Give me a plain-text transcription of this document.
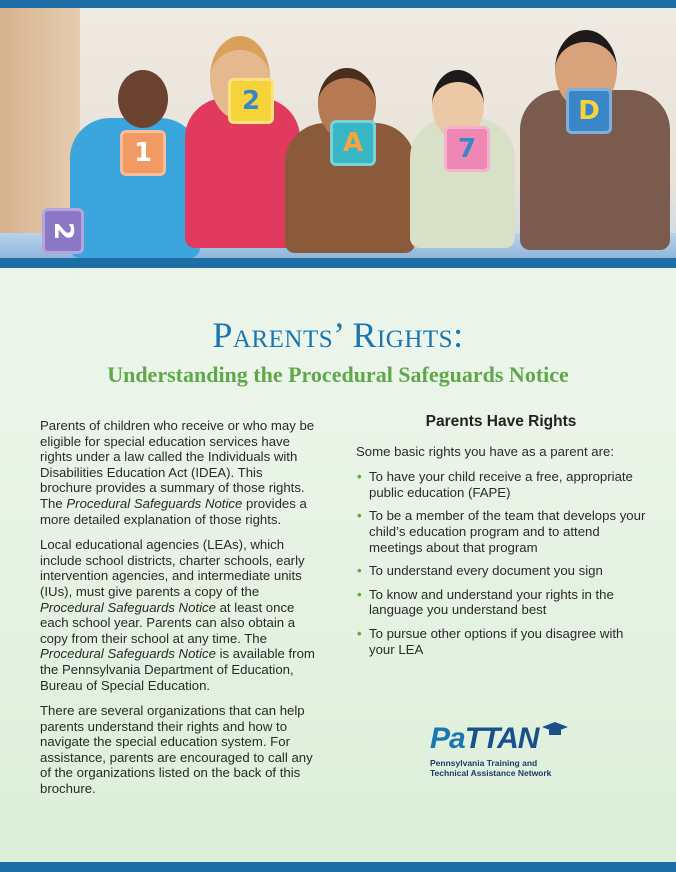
1
2
A	7
D
2
Parents’ Rights:
Understanding the Procedural Safeguards Notice

Parents of children who receive or who may be eligible for special education services have rights under a law called the Individuals with Disabilities Education Act (IDEA). This brochure provides a summary of those rights. The Procedural Safeguards Notice provides a more detailed explanation of those rights.

Local educational agencies (LEAs), which include school districts, charter schools, early intervention agencies, and intermediate units (IUs), must give parents a copy of the Procedural Safeguards Notice at least once each school year. Parents can also obtain a copy from their school at any time. The Procedural Safeguards Notice is available from the Pennsylvania Department of Education, Bureau of Special Education.

There are several organizations that can help parents understand their rights and how to navigate the special education system. For assistance, parents are encouraged to call any of the organizations listed on the back of this brochure.

Parents Have Rights

Some basic rights you have as a parent are:

• To have your child receive a free, appropriate public education (FAPE)
• To be a member of the team that develops your child’s education program and to attend meetings about that program
• To understand every document you sign
• To know and understand your rights in the language you understand best
• To pursue other options if you disagree with your LEA
PaTTAN
Pennsylvania Training and
Technical Assistance Network
